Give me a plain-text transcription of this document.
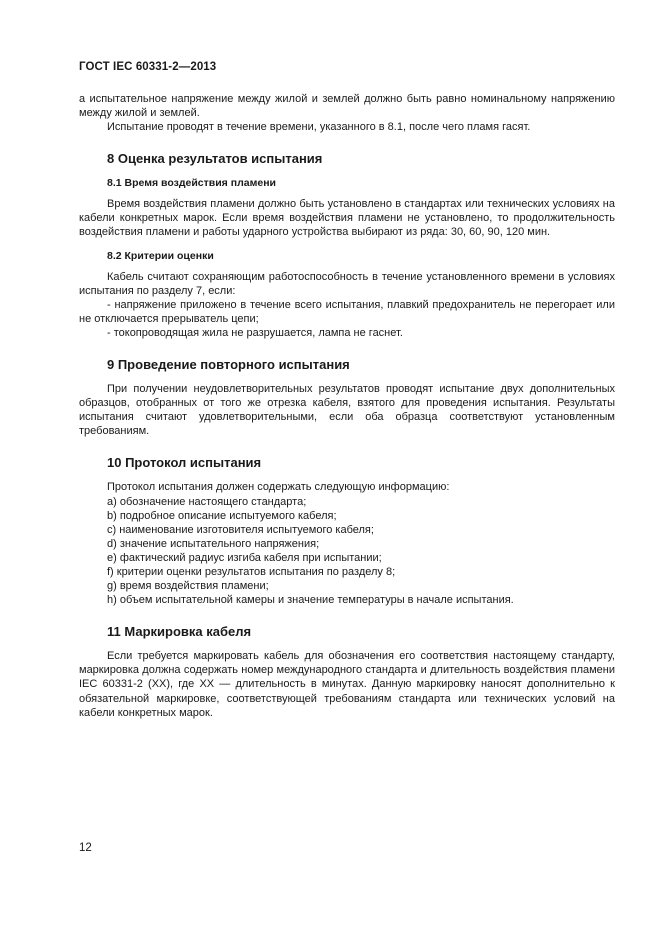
ГОСТ IEC 60331-2—2013

а испытательное напряжение между жилой и землей должно быть равно номинальному напряжению между жилой и землей.

Испытание проводят в течение времени, указанного в 8.1, после чего пламя гасят.

8 Оценка результатов испытания
8.1 Время воздействия пламени

Время воздействия пламени должно быть установлено в стандартах или технических условиях на кабели конкретных марок. Если время воздействия пламени не установлено, то продолжительность воздействия пламени и работы ударного устройства выбирают из ряда: 30, 60, 90, 120 мин.

8.2 Критерии оценки

Кабель считают сохраняющим работоспособность в течение установленного времени в условиях испытания по разделу 7, если:

- напряжение приложено в течение всего испытания, плавкий предохранитель не перегорает или не отключается прерыватель цепи;

- токопроводящая жила не разрушается, лампа не гаснет.

9 Проведение повторного испытания

При получении неудовлетворительных результатов проводят испытание двух дополнительных образцов, отобранных от того же отрезка кабеля, взятого для проведения испытания. Результаты испытания считают удовлетворительными, если оба образца соответствуют установленным требованиям.

10 Протокол испытания

Протокол испытания должен содержать следующую информацию:

a) обозначение настоящего стандарта;

b) подробное описание испытуемого кабеля;

c) наименование изготовителя испытуемого кабеля;

d) значение испытательного напряжения;

e) фактический радиус изгиба кабеля при испытании;

f) критерии оценки результатов испытания по разделу 8;

g) время воздействия пламени;

h) объем испытательной камеры и значение температуры в начале испытания.

11 Маркировка кабеля

Если требуется маркировать кабель для обозначения его соответствия настоящему стандарту, маркировка должна содержать номер международного стандарта и длительность воздействия пламени IEC 60331-2 (XX), где XX — длительность в минутах. Данную маркировку наносят дополнительно к обязательной маркировке, соответствующей требованиям стандарта или технических условий на кабели конкретных марок.

12
